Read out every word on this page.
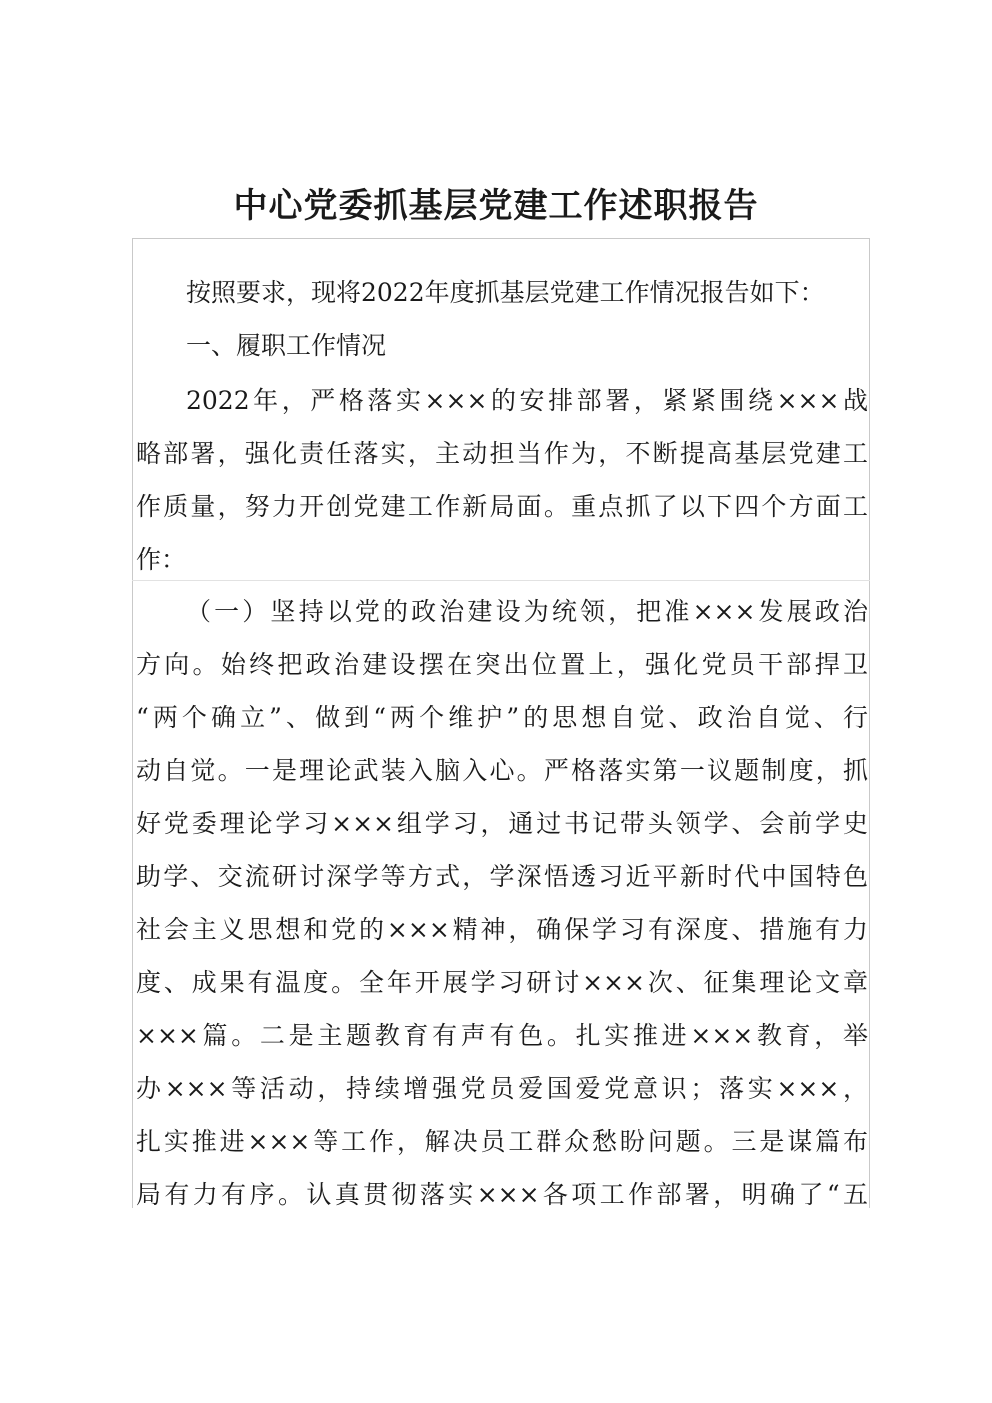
中心党委抓基层党建工作述职报告

按照要求，现将2022年度抓基层党建工作情况报告如下：

一、履职工作情况

2022年，严格落实×××的安排部署，紧紧围绕×××战

略部署，强化责任落实，主动担当作为，不断提高基层党建工

作质量，努力开创党建工作新局面。重点抓了以下四个方面工

作：

（一）坚持以党的政治建设为统领，把准×××发展政治

方向。始终把政治建设摆在突出位置上，强化党员干部捍卫

“两个确立”、做到“两个维护”的思想自觉、政治自觉、行

动自觉。一是理论武装入脑入心。严格落实第一议题制度，抓

好党委理论学习×××组学习，通过书记带头领学、会前学史

助学、交流研讨深学等方式，学深悟透习近平新时代中国特色

社会主义思想和党的×××精神，确保学习有深度、措施有力

度、成果有温度。全年开展学习研讨×××次、征集理论文章

×××篇。二是主题教育有声有色。扎实推进×××教育，举

办×××等活动，持续增强党员爱国爱党意识；落实×××，

扎实推进×××等工作，解决员工群众愁盼问题。三是谋篇布

局有力有序。认真贯彻落实×××各项工作部署，明确了“五
